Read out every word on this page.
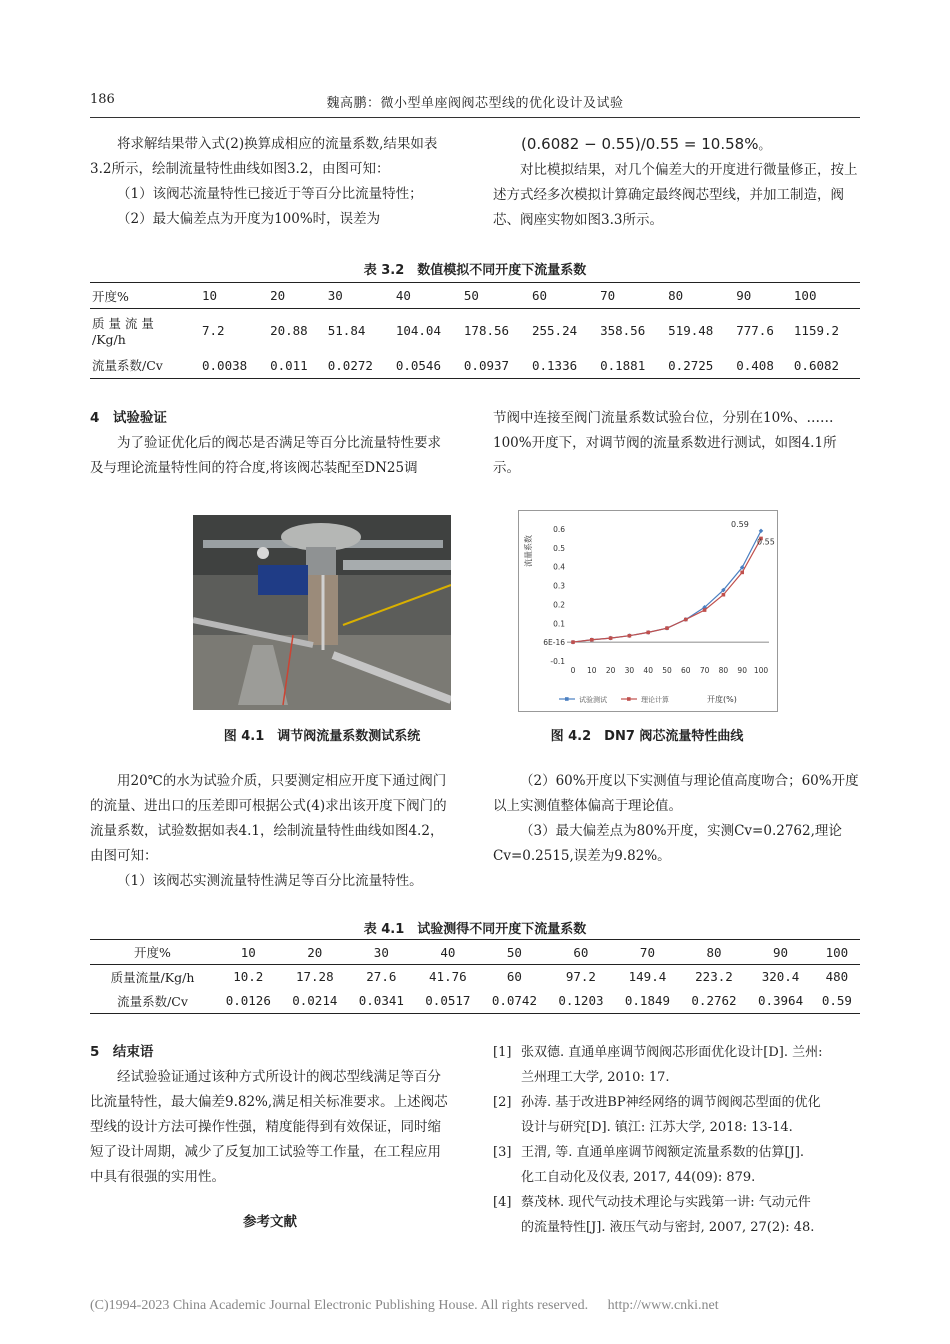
186	魏高鹏：微小型单座阀阀芯型线的优化设计及试验

将求解结果带入式(2)换算成相应的流量系数,结果如表3.2所示，绘制流量特性曲线如图3.2，由图可知：

（1）该阀芯流量特性已接近于等百分比流量特性；

（2）最大偏差点为开度为100%时，误差为

(0.6082 − 0.55)/0.55 = 10.58%。

对比模拟结果，对几个偏差大的开度进行微量修正，按上述方式经多次模拟计算确定最终阀芯型线，并加工制造，阀芯、阀座实物如图3.3所示。

表 3.2　数值模拟不同开度下流量系数
开度%	10	20	30	40	50	60	70	80	90	100
质 量 流 量
/Kg/h	7.2	20.88	51.84	104.04	178.56	255.24	358.56	519.48	777.6	1159.2
流量系数/Cv	0.0038	0.011	0.0272	0.0546	0.0937	0.1336	0.1881	0.2725	0.408	0.6082

4　试验验证

为了验证优化后的阀芯是否满足等百分比流量特性要求及与理论流量特性间的符合度,将该阀芯装配至DN25调

节阀中连接至阀门流量系数试验台位，分别在10%、……100%开度下，对调节阀的流量系数进行测试，如图4.1所示。

图 4.1　调节阀流量系数测试系统
流量系数
-0.1
6E-16
0.1
0.2
0.3
0.4
0.5
0.6
0 10 20 30 40 50 60 70 80 90 100
试验测试	理论计算	开度(%)
0.59
0.55
图 4.2　DN7 阀芯流量特性曲线

用20℃的水为试验介质，只要测定相应开度下通过阀门的流量、进出口的压差即可根据公式(4)求出该开度下阀门的流量系数，试验数据如表4.1，绘制流量特性曲线如图4.2，由图可知：

（1）该阀芯实测流量特性满足等百分比流量特性。

（2）60%开度以下实测值与理论值高度吻合；60%开度以上实测值整体偏高于理论值。

（3）最大偏差点为80%开度，实测Cv=0.2762,理论Cv=0.2515,误差为9.82%。

表 4.1　试验测得不同开度下流量系数
开度%	10	20	30	40	50	60	70	80	90	100
质量流量/Kg/h	10.2	17.28	27.6	41.76	60	97.2	149.4	223.2	320.4	480
流量系数/Cv	0.0126	0.0214	0.0341	0.0517	0.0742	0.1203	0.1849	0.2762	0.3964	0.59

5　结束语

经试验验证通过该种方式所设计的阀芯型线满足等百分比流量特性，最大偏差9.82%,满足相关标准要求。上述阀芯型线的设计方法可操作性强，精度能得到有效保证，同时缩短了设计周期，减少了反复加工试验等工作量，在工程应用中具有很强的实用性。

参考文献
[1] 张双德. 直通单座调节阀阀芯形面优化设计[D]. 兰州:
兰州理工大学, 2010: 17.
[2] 孙涛. 基于改进BP神经网络的调节阀阀芯型面的优化
设计与研究[D]. 镇江: 江苏大学, 2018: 13-14.
[3] 王渭, 等. 直通单座调节阀额定流量系数的估算[J].
化工自动化及仪表, 2017, 44(09): 879.
[4] 蔡茂林. 现代气动技术理论与实践第一讲: 气动元件
的流量特性[J]. 液压气动与密封, 2007, 27(2): 48.
(C)1994-2023 China Academic Journal Electronic Publishing House. All rights reserved. http://www.cnki.net
